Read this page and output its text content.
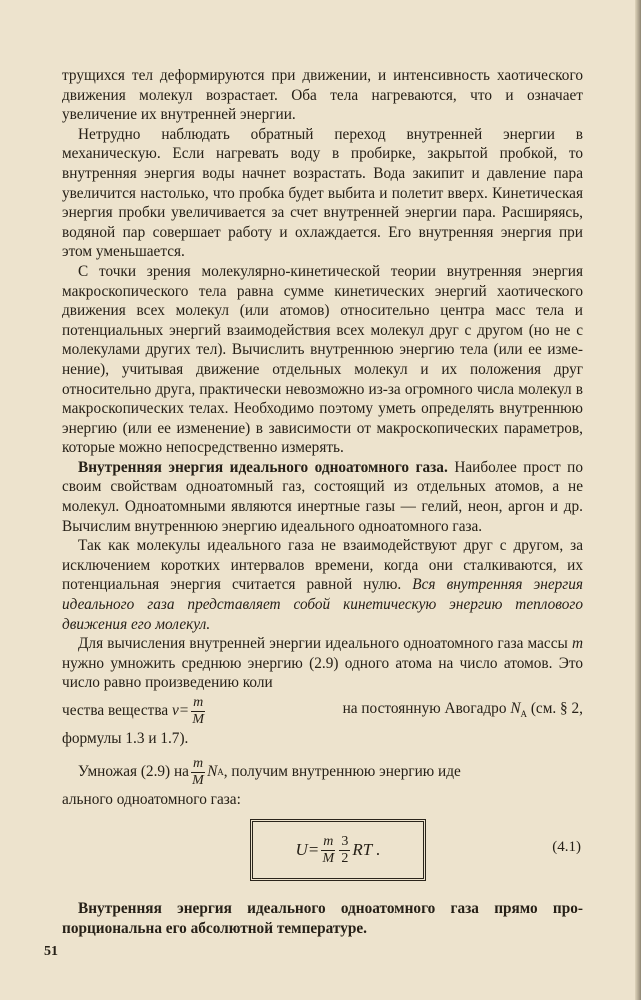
трущихся тел деформируются при движении, и интенсивность хаотического движения молекул возрастает. Оба тела нагреваются, что и означает увеличение их внутренней энергии.

Нетрудно наблюдать обратный переход внутренней энергии в механическую. Если нагревать воду в пробирке, закрытой пробкой, то внутренняя энергия воды начнет возрастать. Вода закипит и давление пара увеличится настолько, что пробка будет выбита и полетит вверх. Кинетическая энергия пробки увеличивается за счет внутренней энергии пара. Расширяясь, водяной пар совершает работу и охлаждается. Его внутренняя энергия при этом уменьшается.

С точки зрения молекулярно-кинетической теории внутренняя энергия макроскопического тела равна сумме кинетических энергий хаотического движения всех молекул (или атомов) относительно центра масс тела и потенциальных энергий взаимодействия всех молекул друг с другом (но не с молекулами других тел). Вычислить внутреннюю энергию тела (или ее изменение), учитывая движение отдельных молекул и их положения друг относительно друга, практически невозможно из-за огромного числа молекул в макроскопических телах. Необходимо поэтому уметь определять внутреннюю энергию (или ее изменение) в зависимости от макроскопических параметров, которые можно непосредственно измерять.

Внутренняя энергия идеального одноатомного газа. Наиболее прост по своим свойствам одноатомный газ, состоящий из отдельных атомов, а не молекул. Одноатомными являются инертные газы — гелий, неон, аргон и др. Вычислим внутреннюю энергию идеального одноатомного газа.

Так как молекулы идеального газа не взаимодействуют друг с другом, за исключением коротких интервалов времени, когда они сталкиваются, их потенциальная энергия считается равной нулю. Вся внутренняя энергия идеального газа представляет собой кинетическую энергию теплового движения его молекул.

Для вычисления внутренней энергии идеального одноатомного газа массы m нужно умножить среднюю энергию (2.9) одного атома на число атомов. Это число равно произведению коли

чества вещества $\nu= \frac{m}{M}$	на постоянную Авогадро $N_A$ (см. § 2,

формулы 1.3 и 1.7).

Умножая (2.9) на $\frac{m}{M}$ N A , получим внутреннюю энергию иде

ального одноатомного газа:

$U= \frac{m}{M} \frac{3}{2}$ RT .	(4.1)

Внутренняя энергия идеального одноатомного газа прямо пропорциональна его абсолютной температуре.

51
